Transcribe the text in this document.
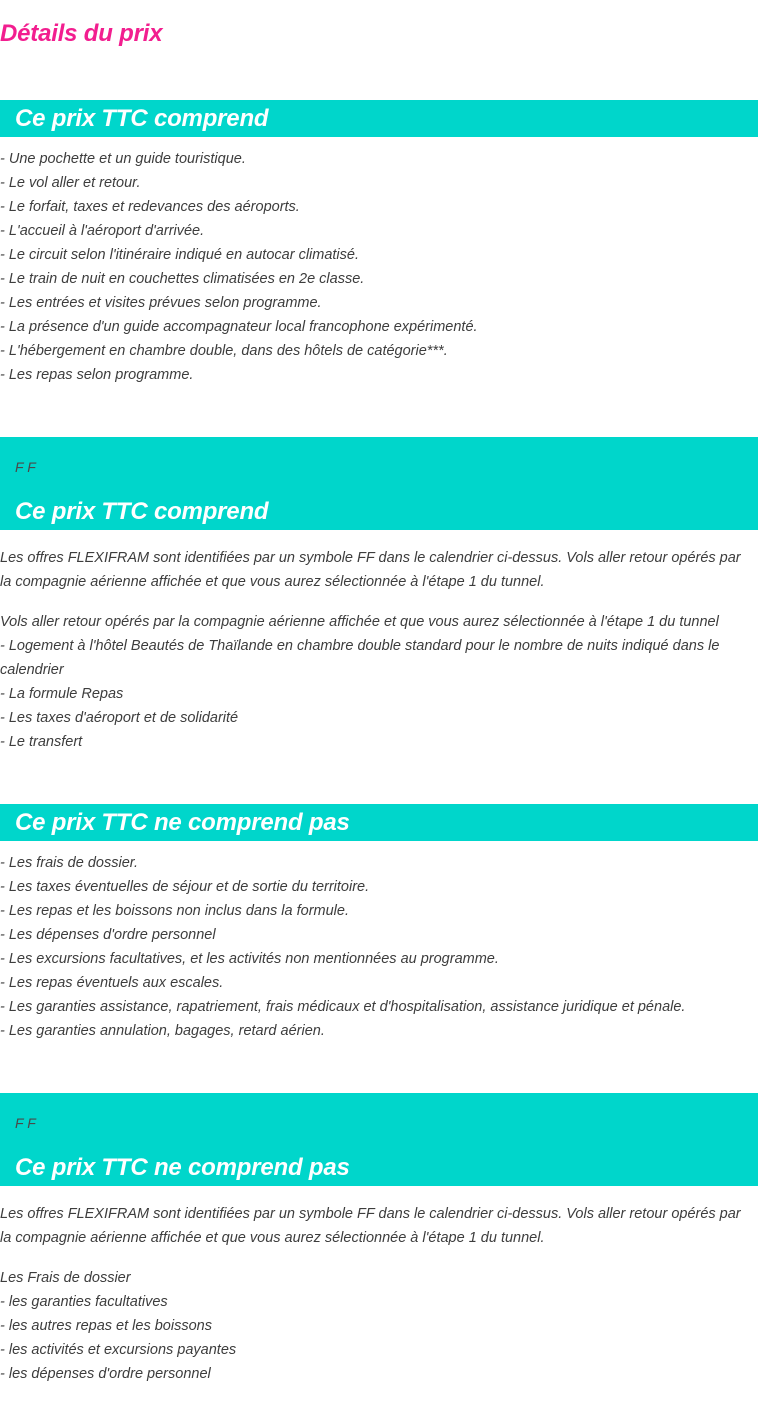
Détails du prix
Ce prix TTC comprend
- Une pochette et un guide touristique.
- Le vol aller et retour.
- Le forfait, taxes et redevances des aéroports.
- L'accueil à l'aéroport d'arrivée.
- Le circuit selon l'itinéraire indiqué en autocar climatisé.
- Le train de nuit en couchettes climatisées en 2e classe.
- Les entrées et visites prévues selon programme.
- La présence d'un guide accompagnateur local francophone expérimenté.
- L'hébergement en chambre double, dans des hôtels de catégorie***.
- Les repas selon programme.
F F
Ce prix TTC comprend

Les offres FLEXIFRAM sont identifiées par un symbole FF dans le calendrier ci-dessus. Vols aller retour opérés par la compagnie aérienne affichée et que vous aurez sélectionnée à l'étape 1 du tunnel.

Vols aller retour opérés par la compagnie aérienne affichée et que vous aurez sélectionnée à l'étape 1 du tunnel
- Logement à l'hôtel Beautés de Thaïlande en chambre double standard pour le nombre de nuits indiqué dans le calendrier
- La formule Repas
- Les taxes d'aéroport et de solidarité
- Le transfert
Ce prix TTC ne comprend pas
- Les frais de dossier.
- Les taxes éventuelles de séjour et de sortie du territoire.
- Les repas et les boissons non inclus dans la formule.
- Les dépenses d'ordre personnel
- Les excursions facultatives, et les activités non mentionnées au programme.
- Les repas éventuels aux escales.
- Les garanties assistance, rapatriement, frais médicaux et d'hospitalisation, assistance juridique et pénale.
- Les garanties annulation, bagages, retard aérien.
F F
Ce prix TTC ne comprend pas

Les offres FLEXIFRAM sont identifiées par un symbole FF dans le calendrier ci-dessus. Vols aller retour opérés par la compagnie aérienne affichée et que vous aurez sélectionnée à l'étape 1 du tunnel.

Les Frais de dossier
- les garanties facultatives
- les autres repas et les boissons
- les activités et excursions payantes
- les dépenses d'ordre personnel
